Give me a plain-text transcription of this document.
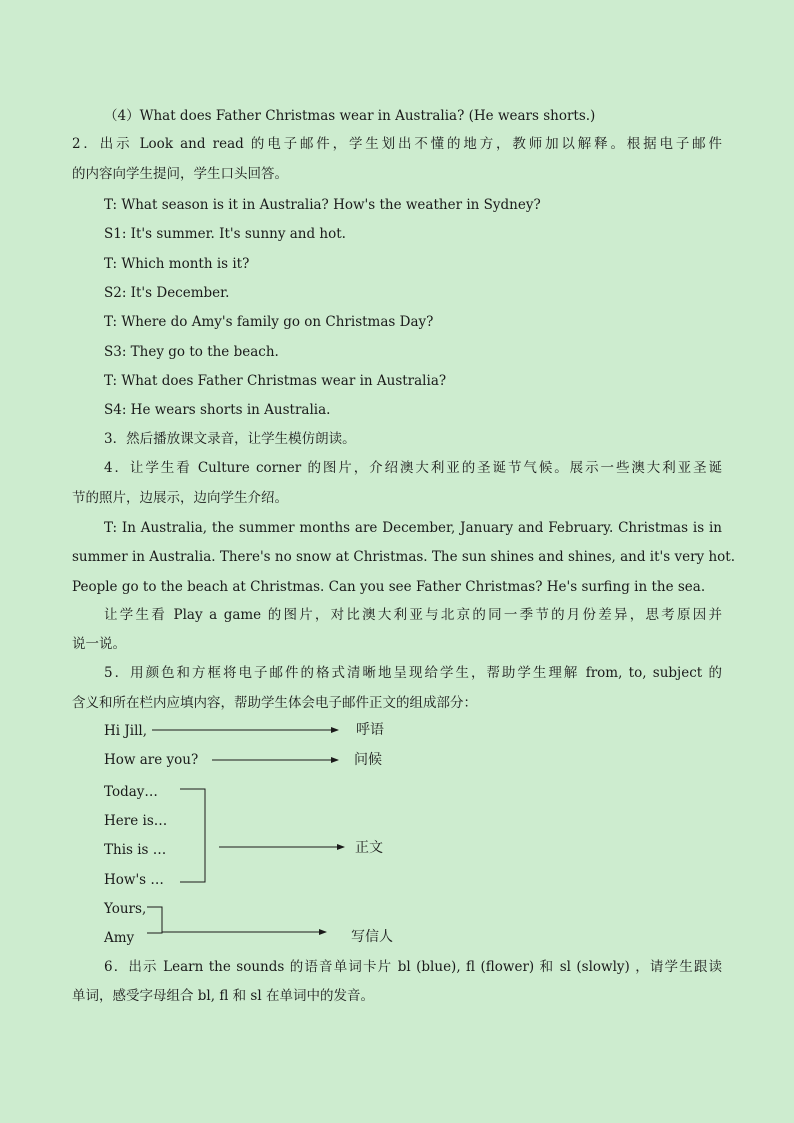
（4）What does Father Christmas wear in Australia? (He wears shorts.)
2．出示 Look and read 的电子邮件，学生划出不懂的地方，教师加以解释。根据电子邮件
的内容向学生提问，学生口头回答。
T: What season is it in Australia? How's the weather in Sydney?
S1: It's summer. It's sunny and hot.
T: Which month is it?
S2: It's December.
T: Where do Amy's family go on Christmas Day?
S3: They go to the beach.
T: What does Father Christmas wear in Australia?
S4: He wears shorts in Australia.
3．然后播放课文录音，让学生模仿朗读。
4．让学生看 Culture corner 的图片，介绍澳大利亚的圣诞节气候。展示一些澳大利亚圣诞
节的照片，边展示，边向学生介绍。
T: In Australia, the summer months are December, January and February. Christmas is in
summer in Australia. There's no snow at Christmas. The sun shines and shines, and it's very hot.
People go to the beach at Christmas. Can you see Father Christmas? He's surfing in the sea.
让学生看 Play a game 的图片，对比澳大利亚与北京的同一季节的月份差异，思考原因并
说一说。
5．用颜色和方框将电子邮件的格式清晰地呈现给学生，帮助学生理解 from, to, subject 的
含义和所在栏内应填内容，帮助学生体会电子邮件正文的组成部分：
Hi Jill,	呼语
How are you?	问候
Today…
Here is…
This is …
How's …
正文
Yours,
Amy	写信人
6．出示 Learn the sounds 的语音单词卡片 bl (blue), fl (flower) 和 sl (slowly) ，请学生跟读
单词，感受字母组合 bl, fl 和 sl 在单词中的发音。
